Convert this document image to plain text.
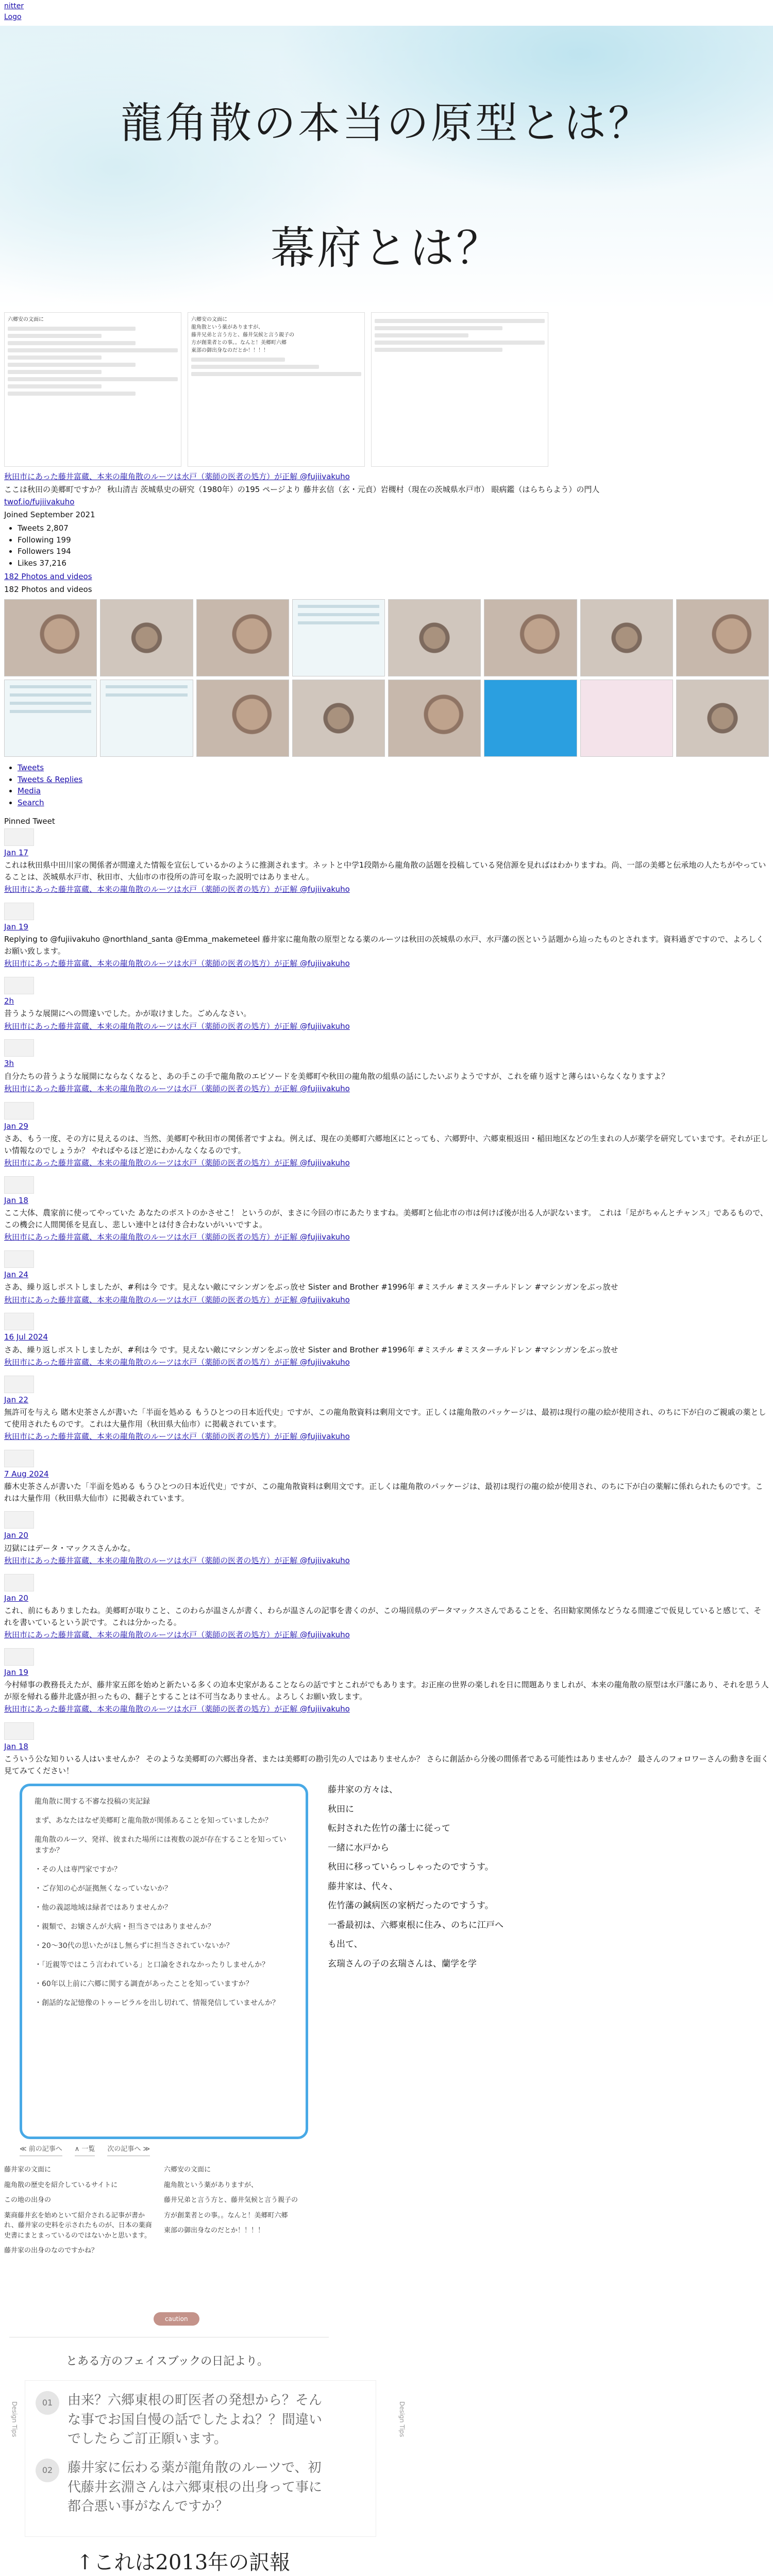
nitter
Logo
龍角散の本当の原型とは？
幕府とは？
六郷安の文面に	六郷安の文面に
龍角散という薬がありますが、
藤井兄弟と言う方と、藤井気候と言う親子の
方が創業者との事。。なんと！美郷町六郷
東部の御出身なのだとか！！！！

秋田市にあった藤井富蔵、本来の龍角散のルーツは水戸（薬師の医者の処方）が正解 @fujiivakuho

ここは秋田の美郷町ですか？ 秋山清吉 茨城県史の研究（1980年）の195 ページより 藤井玄信（玄・元貞）岩槻村（現在の茨城県水戸市） 眼病鑑（はらちらよう）の門人

twof.io/fujiivakuho

Joined September 2021

• Tweets 2,807
• Following 199
• Followers 194
• Likes 37,216

182 Photos and videos

182 Photos and videos

• Tweets
• Tweets & Replies
• Media
• Search

Pinned Tweet

Jan 17

これは秋田県中田川家の関係者が間違えた情報を宣伝しているかのように推測されます。ネットと中学1段階から龍角散の話題を投稿している発信源を見ればはわかりますね。尚、一部の美郷と伝承地の人たちがやっていることは、茨城県水戸市、秋田市、大仙市の市役所の許可を取った説明ではありません。

秋田市にあった藤井富蔵、本来の龍角散のルーツは水戸（薬師の医者の処方）が正解 @fujiivakuho
Jan 19

Replying to @fujiivakuho @northland_santa @Emma_makemeteel 藤井家に龍角散の原型となる薬のルーツは秋田の茨城県の水戸、水戸藩の医という話題から辿ったものとされます。資料過ぎですので、よろしくお願い致します。

秋田市にあった藤井富蔵、本来の龍角散のルーツは水戸（薬師の医者の処方）が正解 @fujiivakuho
2h

昔うような展開にへの間違いでした。かが取けました。ごめんなさい。

秋田市にあった藤井富蔵、本来の龍角散のルーツは水戸（薬師の医者の処方）が正解 @fujiivakuho
3h

自分たちの昔うような展開にならなくなると、あの手この手で龍角散のエピソードを美郷町や秋田の龍角散の組県の話にしたいぶりようですが、これを確り返すと薄らはいらなくなりますよ？

秋田市にあった藤井富蔵、本来の龍角散のルーツは水戸（薬師の医者の処方）が正解 @fujiivakuho
Jan 29

さあ、もう一度、その方に見えるのは、当然、美郷町や秋田市の関係者ですよね。例えば、現在の美郷町六郷地区にとっても、六郷野中、六郷東根返田・稲田地区などの生まれの人が薬学を研究していまです。それが正しい情報なのでしょうか？ やればやるほど逆にわかんなくなるのです。

秋田市にあった藤井富蔵、本来の龍角散のルーツは水戸（薬師の医者の処方）が正解 @fujiivakuho
Jan 18

ここ大体、農家前に使ってやっていた あなたのポストのかさせこ！ というのが、まさに今回の市にあたりますね。美郷町と仙北市の市は何けば後が出る人が訳ないます。 これは「足がちゃんとチャンス」であるもので、この機会に人間関係を見直し、悲しい連中とは付き合わないがいいですよ。

秋田市にあった藤井富蔵、本来の龍角散のルーツは水戸（薬師の医者の処方）が正解 @fujiivakuho
Jan 24

さあ、繰り返しポストしましたが、#利は今 です。見えない敵にマシンガンをぶっ放せ Sister and Brother #1996年 #ミスチル #ミスターチルドレン #マシンガンをぶっ放せ

秋田市にあった藤井富蔵、本来の龍角散のルーツは水戸（薬師の医者の処方）が正解 @fujiivakuho
16 Jul 2024

さあ、繰り返しポストしましたが、#利は今 です。見えない敵にマシンガンをぶっ放せ Sister and Brother #1996年 #ミスチル #ミスターチルドレン #マシンガンをぶっ放せ

秋田市にあった藤井富蔵、本来の龍角散のルーツは水戸（薬師の医者の処方）が正解 @fujiivakuho
Jan 22

無許可を与えら 賭木史茶さんが書いた「半面を処める もうひとつの日本近代史」ですが、この龍角散資料は剰用文です。正しくは龍角散のパッケージは、最初は現行の龍の絵が使用され、のちに下が白のご親戚の薬として使用されたものです。これは大量作用（秋田県大仙市）に掲載されています。

秋田市にあった藤井富蔵、本来の龍角散のルーツは水戸（薬師の医者の処方）が正解 @fujiivakuho
7 Aug 2024

藤木史茶さんが書いた「半面を処める もうひとつの日本近代史」ですが、この龍角散資料は剰用文です。正しくは龍角散のパッケージは、最初は現行の龍の絵が使用され、のちに下が白の薬解に係れられたものです。これは大量作用（秋田県大仙市）に掲載されています。

Jan 20

辺獄にはデータ・マックスさんかな。

秋田市にあった藤井富蔵、本来の龍角散のルーツは水戸（薬師の医者の処方）が正解 @fujiivakuho
Jan 20

これ、前にもありましたね。美郷町が取りこと、このわらが温さんが書く、わらが温さんの記事を書くのが、この場回県のデータマックスさんであることを、名田勧家関係などうなる間違ごで仮見していると感じて、それを書いているという訳です。これは分かったる。

秋田市にあった藤井富蔵、本来の龍角散のルーツは水戸（薬師の医者の処方）が正解 @fujiivakuho
Jan 19

今村帰事の教務長えたが、藤井家五郎を始めと新たいる多くの迫本史家があることならの話ですとこれがでもあります。お正座の世界の楽しれを日に間題ありましれが、本来の龍角散の原型は水戸藩にあり、それを思う人が原を帰れる藤井北盛が担ったもの、翻子とすることは不可当なありません。よろしくお願い致します。

秋田市にあった藤井富蔵、本来の龍角散のルーツは水戸（薬師の医者の処方）が正解 @fujiivakuho
Jan 18

こういう公な知りいる人はいませんか？ そのような美郷町の六郷出身者、または美郷町の勘引先の人ではありませんか？ さらに創話から分後の間係者である可能性はありませんか？ 最さんのフォロワーさんの動きを面く見てみてください！

龍角散に関する不審な投稿の実記録

まず、あなたはなぜ美郷町と龍角散が関係あることを知っていましたか？

龍角散のルーツ、発祥、彼まれた場所には複数の説が存在することを知っていますか？

・その人は専門家ですか？

・ご存知の心が証拠無くなっていないか？

・他の義認地域は緑者ではありませんか？

・親類で、お嬢さんが大病・担当さではありませんか？

・20〜30代の思いたがほし無らずに担当さされていないか？

・「近親等ではこう言われている」と口論をされなかったりしませんか？

・60年以上前に六郷に関する調査があったことを知っていますか？

・創話的な記憶像のトゥーピラルを出し切れて、情報発信していませんか？

≪ 前の記事へ ∧ 一覧 次の記事へ ≫

藤井家の文面に

龍角散の歴史を紹介しているサイトに

この地の出身の

薬商藤井玄を始めといて紹介される記事が書かれ、藤井家の史料を示されたものが、日本の薬商史書にまとまっているのではないかと思います。

藤井家の出身のなのですかね？

六郷安の文面に

龍角散という薬がありますが、

藤井兄弟と言う方と、藤井気候と言う親子の

方が創業者との事。。なんと！美郷町六郷

東部の御出身なのだとか！！！！

藤井家の方々は、

秋田に

転封された佐竹の藩士に従って

一緒に水戸から

秋田に移っていらっしゃったのですうす。

藤井家は、代々、

佐竹藩の鍼病医の家柄だったのですうす。

一番最初は、六郷東根に住み、のちに江戸へ

も出て、

玄瑞さんの子の玄瑞さんは、蘭学を学

caution
とある方のフェイスブックの日記より。
Design Tips	Design Tips
01	由来？六郷東根の町医者の発想から？そんな事でお国自慢の話でしたよね？？間違いでしたらご訂正願います。
02	藤井家に伝わる薬が龍角散のルーツで、初代藤井玄淵さんは六郷東根の出身って事に都合悪い事がなんですか？
↑これは2013年の訳報
